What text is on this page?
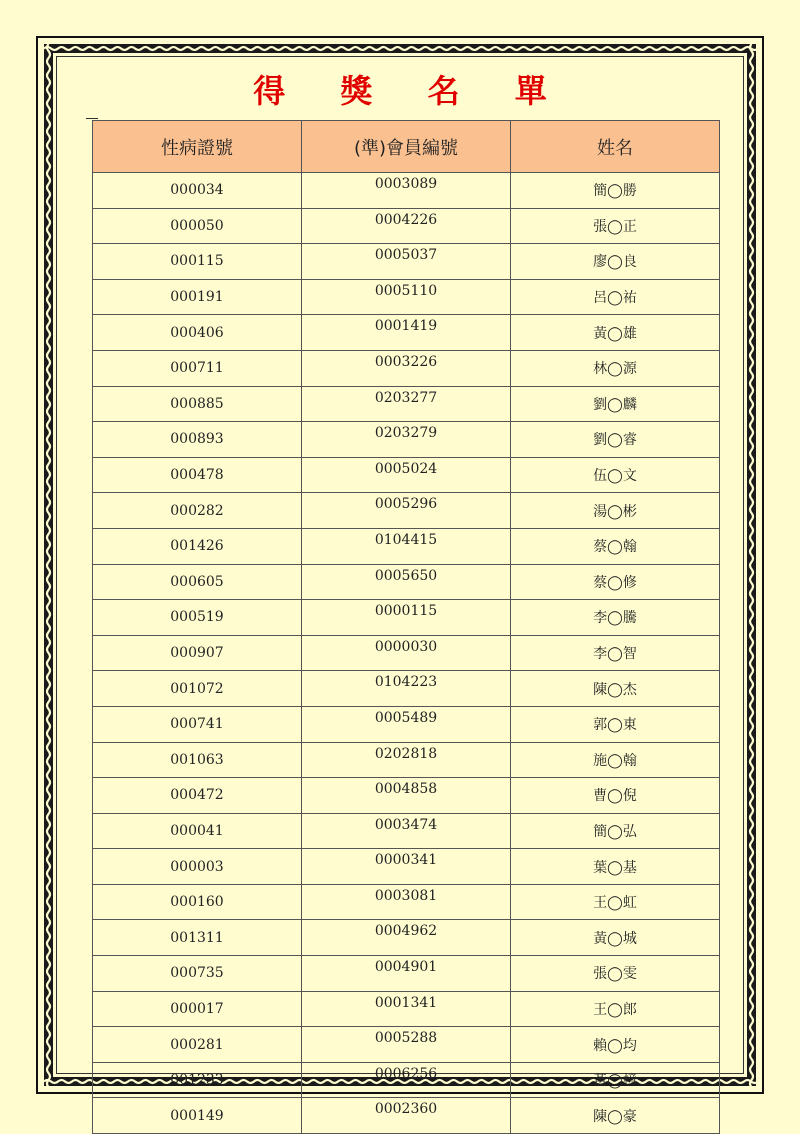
得 獎 名 單
性病證號	(準)會員編號	姓名
000034	0003089	簡◯勝
000050	0004226	張◯正
000115	0005037	廖◯良
000191	0005110	呂◯祐
000406	0001419	黃◯雄
000711	0003226	林◯源
000885	0203277	劉◯麟
000893	0203279	劉◯睿
000478	0005024	伍◯文
000282	0005296	湯◯彬
001426	0104415	蔡◯翰
000605	0005650	蔡◯修
000519	0000115	李◯騰
000907	0000030	李◯智
001072	0104223	陳◯杰
000741	0005489	郭◯東
001063	0202818	施◯翰
000472	0004858	曹◯倪
000041	0003474	簡◯弘
000003	0000341	葉◯基
000160	0003081	王◯虹
001311	0004962	黃◯城
000735	0004901	張◯雯
000017	0001341	王◯郎
000281	0005288	賴◯均
001233	0006256	黃◯樟
000149	0002360	陳◯豪
